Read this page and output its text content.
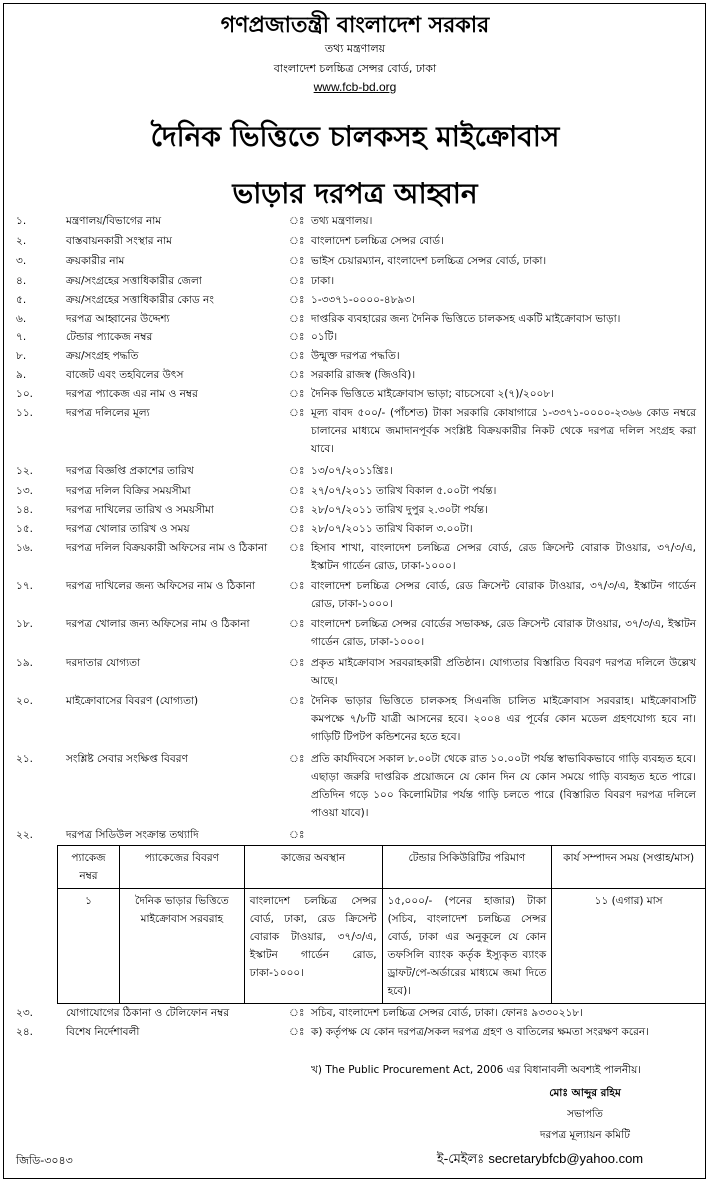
গণপ্রজাতন্ত্রী বাংলাদেশ সরকার
তথ্য মন্ত্রণালয়
বাংলাদেশ চলচ্চিত্র সেন্সর বোর্ড, ঢাকা
www.fcb-bd.org
দৈনিক ভিত্তিতে চালকসহ মাইক্রোবাস
ভাড়ার দরপত্র আহ্বান
১.	মন্ত্রণালয়/বিভাগের নাম	ঃ তথ্য মন্ত্রণালয়।
২.	বাস্তবায়নকারী সংস্থার নাম	ঃ বাংলাদেশ চলচ্চিত্র সেন্সর বোর্ড।
৩.	ক্রয়কারীর নাম	ঃ ভাইস চেয়ারম্যান, বাংলাদেশ চলচ্চিত্র সেন্সর বোর্ড, ঢাকা।
৪.	ক্রয়/সংগ্রহের সত্তাধিকারীর জেলা	ঃ ঢাকা।
৫.	ক্রয়/সংগ্রহের সত্তাধিকারীর কোড নং	ঃ ১-৩৩৭১-০০০০-৪৮৯৩।
৬.	দরপত্র আহ্বানের উদ্দেশ্য	ঃ দাপ্তরিক ব্যবহারের জন্য দৈনিক ভিত্তিতে চালকসহ একটি মাইক্রোবাস ভাড়া।
৭.	টেন্ডার প্যাকেজ নম্বর	ঃ ০১টি।
৮.	ক্রয়/সংগ্রহ পদ্ধতি	ঃ উন্মুক্ত দরপত্র পদ্ধতি।
৯.	বাজেট এবং তহবিলের উৎস	ঃ সরকারি রাজস্ব (জিওবি)।
১০.	দরপত্র প্যাকেজ এর নাম ও নম্বর	ঃ দৈনিক ভিত্তিতে মাইক্রোবাস ভাড়া; বাচসেবো ২(৭)/২০০৮।
১১.	দরপত্র দলিলের মূল্য	ঃ মূল্য বাবদ ৫০০/- (পাঁচশত) টাকা সরকারি কোষাগারে ১-৩৩৭১-০০০০-২৩৬৬ কোড নম্বরে চালানের মাধ্যমে জমাদানপূর্বক সংশ্লিষ্ট বিক্রয়কারীর নিকট থেকে দরপত্র দলিল সংগ্রহ করা যাবে।
১২.	দরপত্র বিজ্ঞপ্তি প্রকাশের তারিখ	ঃ ১৩/০৭/২০১১খ্রিঃ।
১৩.	দরপত্র দলিল বিক্রির সময়সীমা	ঃ ২৭/০৭/২০১১ তারিখ বিকাল ৫.০০টা পর্যন্ত।
১৪.	দরপত্র দাখিলের তারিখ ও সময়সীমা	ঃ ২৮/০৭/২০১১ তারিখ দুপুর ২.৩০টা পর্যন্ত।
১৫.	দরপত্র খোলার তারিখ ও সময়	ঃ ২৮/০৭/২০১১ তারিখ বিকাল ৩.০০টা।
১৬.	দরপত্র দলিল বিক্রয়কারী অফিসের নাম ও ঠিকানা	ঃ হিসাব শাখা, বাংলাদেশ চলচ্চিত্র সেন্সর বোর্ড, রেড ক্রিসেন্ট বোরাক টাওয়ার, ৩৭/৩/এ, ইস্কাটন গার্ডেন রোড, ঢাকা-১০০০।
১৭.	দরপত্র দাখিলের জন্য অফিসের নাম ও ঠিকানা	ঃ বাংলাদেশ চলচ্চিত্র সেন্সর বোর্ড, রেড ক্রিসেন্ট বোরাক টাওয়ার, ৩৭/৩/এ, ইস্কাটন গার্ডেন রোড, ঢাকা-১০০০।
১৮.	দরপত্র খোলার জন্য অফিসের নাম ও ঠিকানা	ঃ বাংলাদেশ চলচ্চিত্র সেন্সর বোর্ডের সভাকক্ষ, রেড ক্রিসেন্ট বোরাক টাওয়ার, ৩৭/৩/এ, ইস্কাটন গার্ডেন রোড, ঢাকা-১০০০।
১৯.	দরদাতার যোগ্যতা	ঃ প্রকৃত মাইক্রোবাস সরবরাহকারী প্রতিষ্ঠান। যোগ্যতার বিস্তারিত বিবরণ দরপত্র দলিলে উল্লেখ আছে।
২০.	মাইক্রোবাসের বিবরণ (যোগ্যতা)	ঃ দৈনিক ভাড়ার ভিত্তিতে চালকসহ সিএনজি চালিত মাইক্রোবাস সরবরাহ। মাইক্রোবাসটি কমপক্ষে ৭/৮টি যাত্রী আসনের হবে। ২০০৪ এর পূর্বের কোন মডেল গ্রহণযোগ্য হবে না। গাড়িটি টিপটপ কন্ডিশনের হতে হবে।
২১.	সংশ্লিষ্ট সেবার সংক্ষিপ্ত বিবরণ	ঃ প্রতি কার্যদিবসে সকাল ৮.০০টা থেকে রাত ১০.০০টা পর্যন্ত স্বাভাবিকভাবে গাড়ি ব্যবহৃত হবে। এছাড়া জরুরি দাপ্তরিক প্রয়োজনে যে কোন দিন যে কোন সময়ে গাড়ি ব্যবহৃত হতে পারে। প্রতিদিন গড়ে ১০০ কিলোমিটার পর্যন্ত গাড়ি চলতে পারে (বিস্তারিত বিবরণ দরপত্র দলিলে পাওয়া যাবে)।
২২.	দরপত্র সিডিউল সংক্রান্ত তথ্যাদি	ঃ
প্যাকেজ নম্বর	প্যাকেজের বিবরণ	কাজের অবস্থান	টেন্ডার সিকিউরিটির পরিমাণ	কার্য সম্পাদন সময় (সপ্তাহ/মাস)
১	দৈনিক ভাড়ার ভিত্তিতে মাইক্রোবাস সরবরাহ	বাংলাদেশ চলচ্চিত্র সেন্সর বোর্ড, ঢাকা, রেড ক্রিসেন্ট বোরাক টাওয়ার, ৩৭/৩/এ, ইস্কাটন গার্ডেন রোড, ঢাকা-১০০০।	১৫,০০০/- (পনের হাজার) টাকা (সচিব, বাংলাদেশ চলচ্চিত্র সেন্সর বোর্ড, ঢাকা এর অনুকূলে যে কোন তফসিলি ব্যাংক কর্তৃক ইস্যুকৃত ব্যাংক ড্রাফট/পে-অর্ডারের মাধ্যমে জমা দিতে হবে)।	১১ (এগার) মাস
২৩.	যোগাযোগের ঠিকানা ও টেলিফোন নম্বর	ঃ সচিব, বাংলাদেশ চলচ্চিত্র সেন্সর বোর্ড, ঢাকা। ফোনঃ ৯৩৩০২১৮।
২৪.	বিশেষ নির্দেশাবলী	ঃ ক) কর্তৃপক্ষ যে কোন দরপত্র/সকল দরপত্র গ্রহণ ও বাতিলের ক্ষমতা সংরক্ষণ করেন।
খ) The Public Procurement Act, 2006 এর বিধানাবলী অবশ্যই পালনীয়।
মোঃ আব্দুর রহিম
সভাপতি
দরপত্র মূল্যায়ন কমিটি
ই-মেইলঃ secretarybfcb@yahoo.com
জিডি-৩০৪৩
